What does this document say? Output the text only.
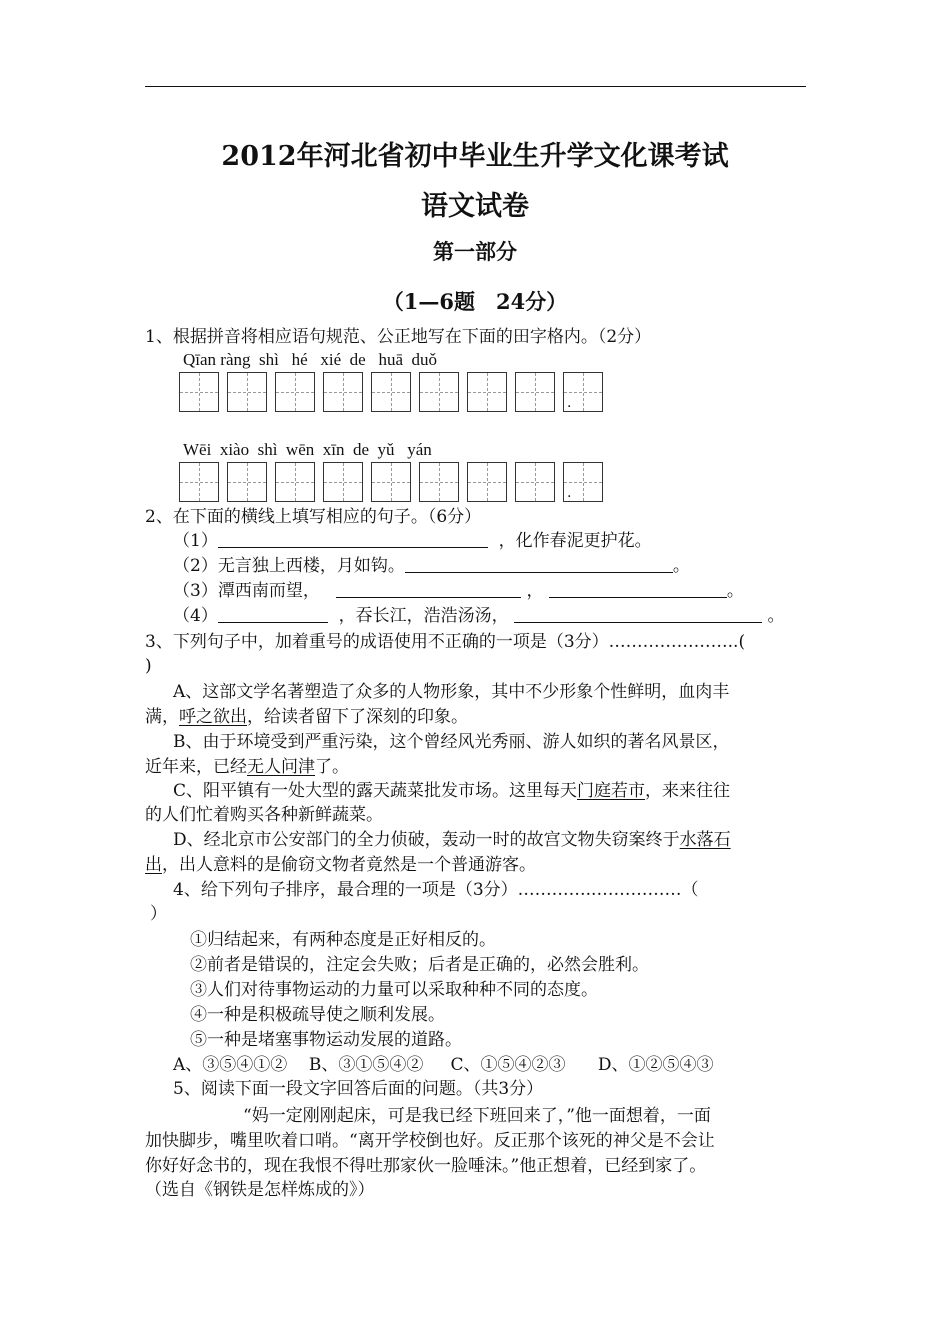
2012年河北省初中毕业生升学文化课考试
语文试卷
第一部分
（1—6题　24分）
1、根据拼音将相应语句规范、公正地写在下面的田字格内。（2分）
Qīan ràng  shì   hé   xié  de   huā  duǒ
.
Wēi  xiào  shì  wēn  xīn  de  yǔ   yán
.
2、在下面的横线上填写相应的句子。（6分）
（1）	，化作春泥更护花。
（2）无言独上西楼，月如钩。	。
（3）潭西南而望，	，	。
（4）	，吞长江，浩浩汤汤，	。
3、下列句子中，加着重号的成语使用不正确的一项是（3分）…………………..(
)
A、这部文学名著塑造了众多的人物形象，其中不少形象个性鲜明，血肉丰
满，呼之欲出，给读者留下了深刻的印象。
B、由于环境受到严重污染，这个曾经风光秀丽、游人如织的著名风景区，
近年来，已经无人问津了。
C、阳平镇有一处大型的露天蔬菜批发市场。这里每天门庭若市，来来往往
的人们忙着购买各种新鲜蔬菜。
D、经北京市公安部门的全力侦破，轰动一时的故宫文物失窃案终于水落石
出，出人意料的是偷窃文物者竟然是一个普通游客。
4、给下列句子排序，最合理的一项是（3分）…………..……………（
）
①归结起来，有两种态度是正好相反的。
②前者是错误的，注定会失败；后者是正确的，必然会胜利。
③人们对待事物运动的力量可以采取种种不同的态度。
④一种是积极疏导使之顺利发展。
⑤一种是堵塞事物运动发展的道路。
A、③⑤④①② B、③①⑤④② C、①⑤④②③ D、①②⑤④③
5、阅读下面一段文字回答后面的问题。（共3分）
“妈一定刚刚起床，可是我已经下班回来了，”他一面想着，一面
加快脚步，嘴里吹着口哨。“离开学校倒也好。反正那个该死的神父是不会让
你好好念书的，现在我恨不得吐那家伙一脸唾沫。”他正想着，已经到家了。
（选自《钢铁是怎样炼成的》）
